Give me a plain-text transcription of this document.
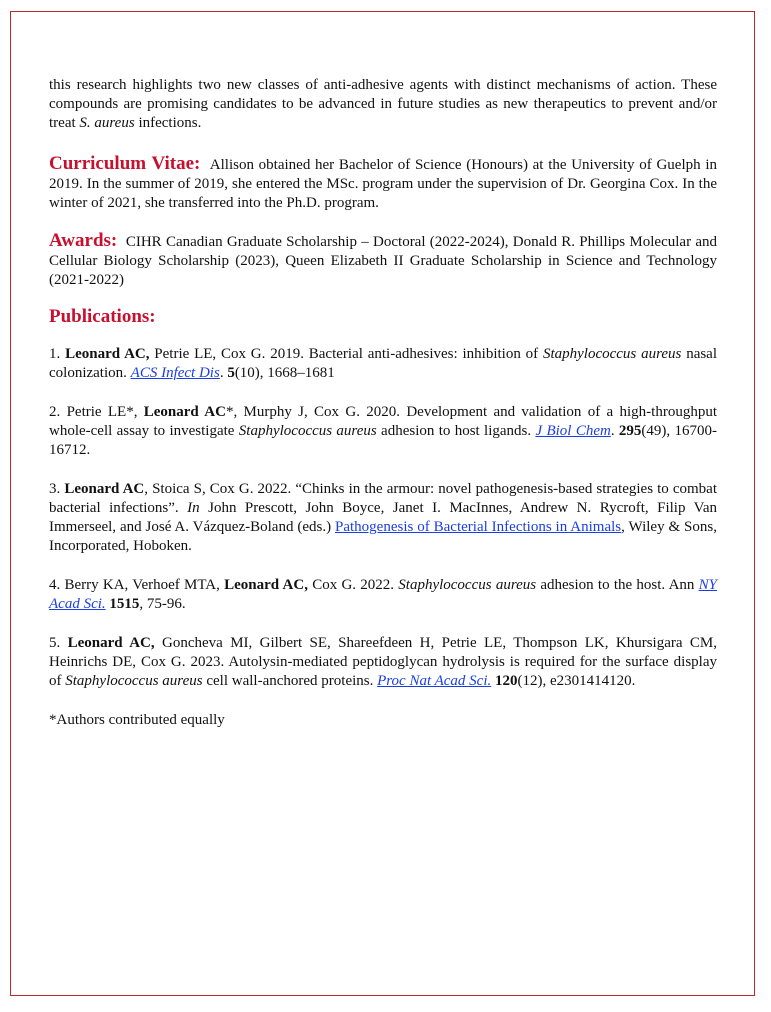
this research highlights two new classes of anti-adhesive agents with distinct mechanisms of action. These compounds are promising candidates to be advanced in future studies as new therapeutics to prevent and/or treat S. aureus infections.

Curriculum Vitae: Allison obtained her Bachelor of Science (Honours) at the University of Guelph in 2019. In the summer of 2019, she entered the MSc. program under the supervision of Dr. Georgina Cox. In the winter of 2021, she transferred into the Ph.D. program.

Awards: CIHR Canadian Graduate Scholarship – Doctoral (2022-2024), Donald R. Phillips Molecular and Cellular Biology Scholarship (2023), Queen Elizabeth II Graduate Scholarship in Science and Technology (2021-2022)

Publications:

1. Leonard AC, Petrie LE, Cox G. 2019. Bacterial anti-adhesives: inhibition of Staphylococcus aureus nasal colonization. ACS Infect Dis. 5(10), 1668–1681

2. Petrie LE*, Leonard AC*, Murphy J, Cox G. 2020. Development and validation of a high-throughput whole-cell assay to investigate Staphylococcus aureus adhesion to host ligands. J Biol Chem. 295(49), 16700-16712.

3. Leonard AC, Stoica S, Cox G. 2022. “Chinks in the armour: novel pathogenesis-based strategies to combat bacterial infections”. In John Prescott, John Boyce, Janet I. MacInnes, Andrew N. Rycroft, Filip Van Immerseel, and José A. Vázquez-Boland (eds.) Pathogenesis of Bacterial Infections in Animals, Wiley & Sons, Incorporated, Hoboken.

4. Berry KA, Verhoef MTA, Leonard AC, Cox G. 2022. Staphylococcus aureus adhesion to the host. Ann NY Acad Sci. 1515, 75-96.

5. Leonard AC, Goncheva MI, Gilbert SE, Shareefdeen H, Petrie LE, Thompson LK, Khursigara CM, Heinrichs DE, Cox G. 2023. Autolysin-mediated peptidoglycan hydrolysis is required for the surface display of Staphylococcus aureus cell wall-anchored proteins. Proc Nat Acad Sci. 120(12), e2301414120.

*Authors contributed equally
